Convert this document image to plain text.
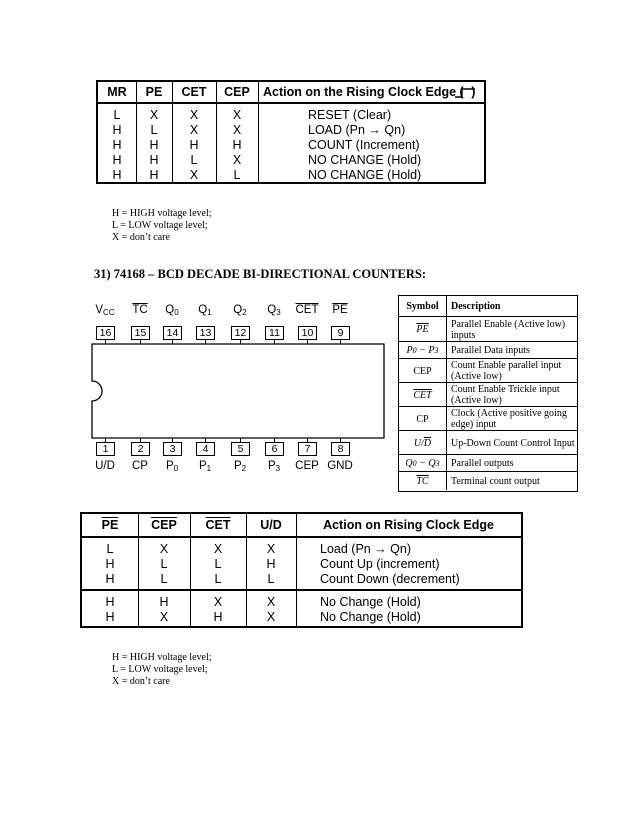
MR	PE	CET	CEP	Action on the Rising Clock Edge (   )
L	X	X	X	RESET (Clear)
H	L	X	X	LOAD (Pn → Qn)
H	H	H	H	COUNT (Increment)
H	H	L	X	NO CHANGE (Hold)
H	H	X	L	NO CHANGE (Hold)
H = HIGH voltage level;
L = LOW voltage level;
X = don’t care
31) 74168 – BCD DECADE BI-DIRECTIONAL COUNTERS:
$V_{CC}$
16
$\overline{TC}$
15
$Q_0$
14
$Q_1$
13
$Q_2$
12
$Q_3$
11
$\overline{CET}$
10
$\overline{PE}$
9
1
U/D
2
CP
3
$P_0$
4
$P_1$
5
$P_2$
6
$P_3$
7
CEP
8
GND
Symbol	Description
$\overline{PE}$	Parallel Enable (Active low) inputs
P 0 − P 3 Parallel Data inputs
CEP	Count Enable parallel input (Active low)
$\overline{CET}$	Count Enable Trickle input (Active low)
CP	Clock (Active positive going edge) input
U/ $\overline{D}$ Up-Down Count Control Input
Q 0 − Q 3 Parallel outputs
$\overline{TC}$	Terminal count output
$\overline{PE}$	$\overline{CEP}$	$\overline{CET}$	U/D	Action on Rising Clock Edge
L	X	X	X	Load (Pn → Qn)
H	L	L	H	Count Up (increment)
H	L	L	L	Count Down (decrement)
H	H	X	X	No Change (Hold)
H	X	H	X	No Change (Hold)
H = HIGH voltage level;
L = LOW voltage level;
X = don’t care
